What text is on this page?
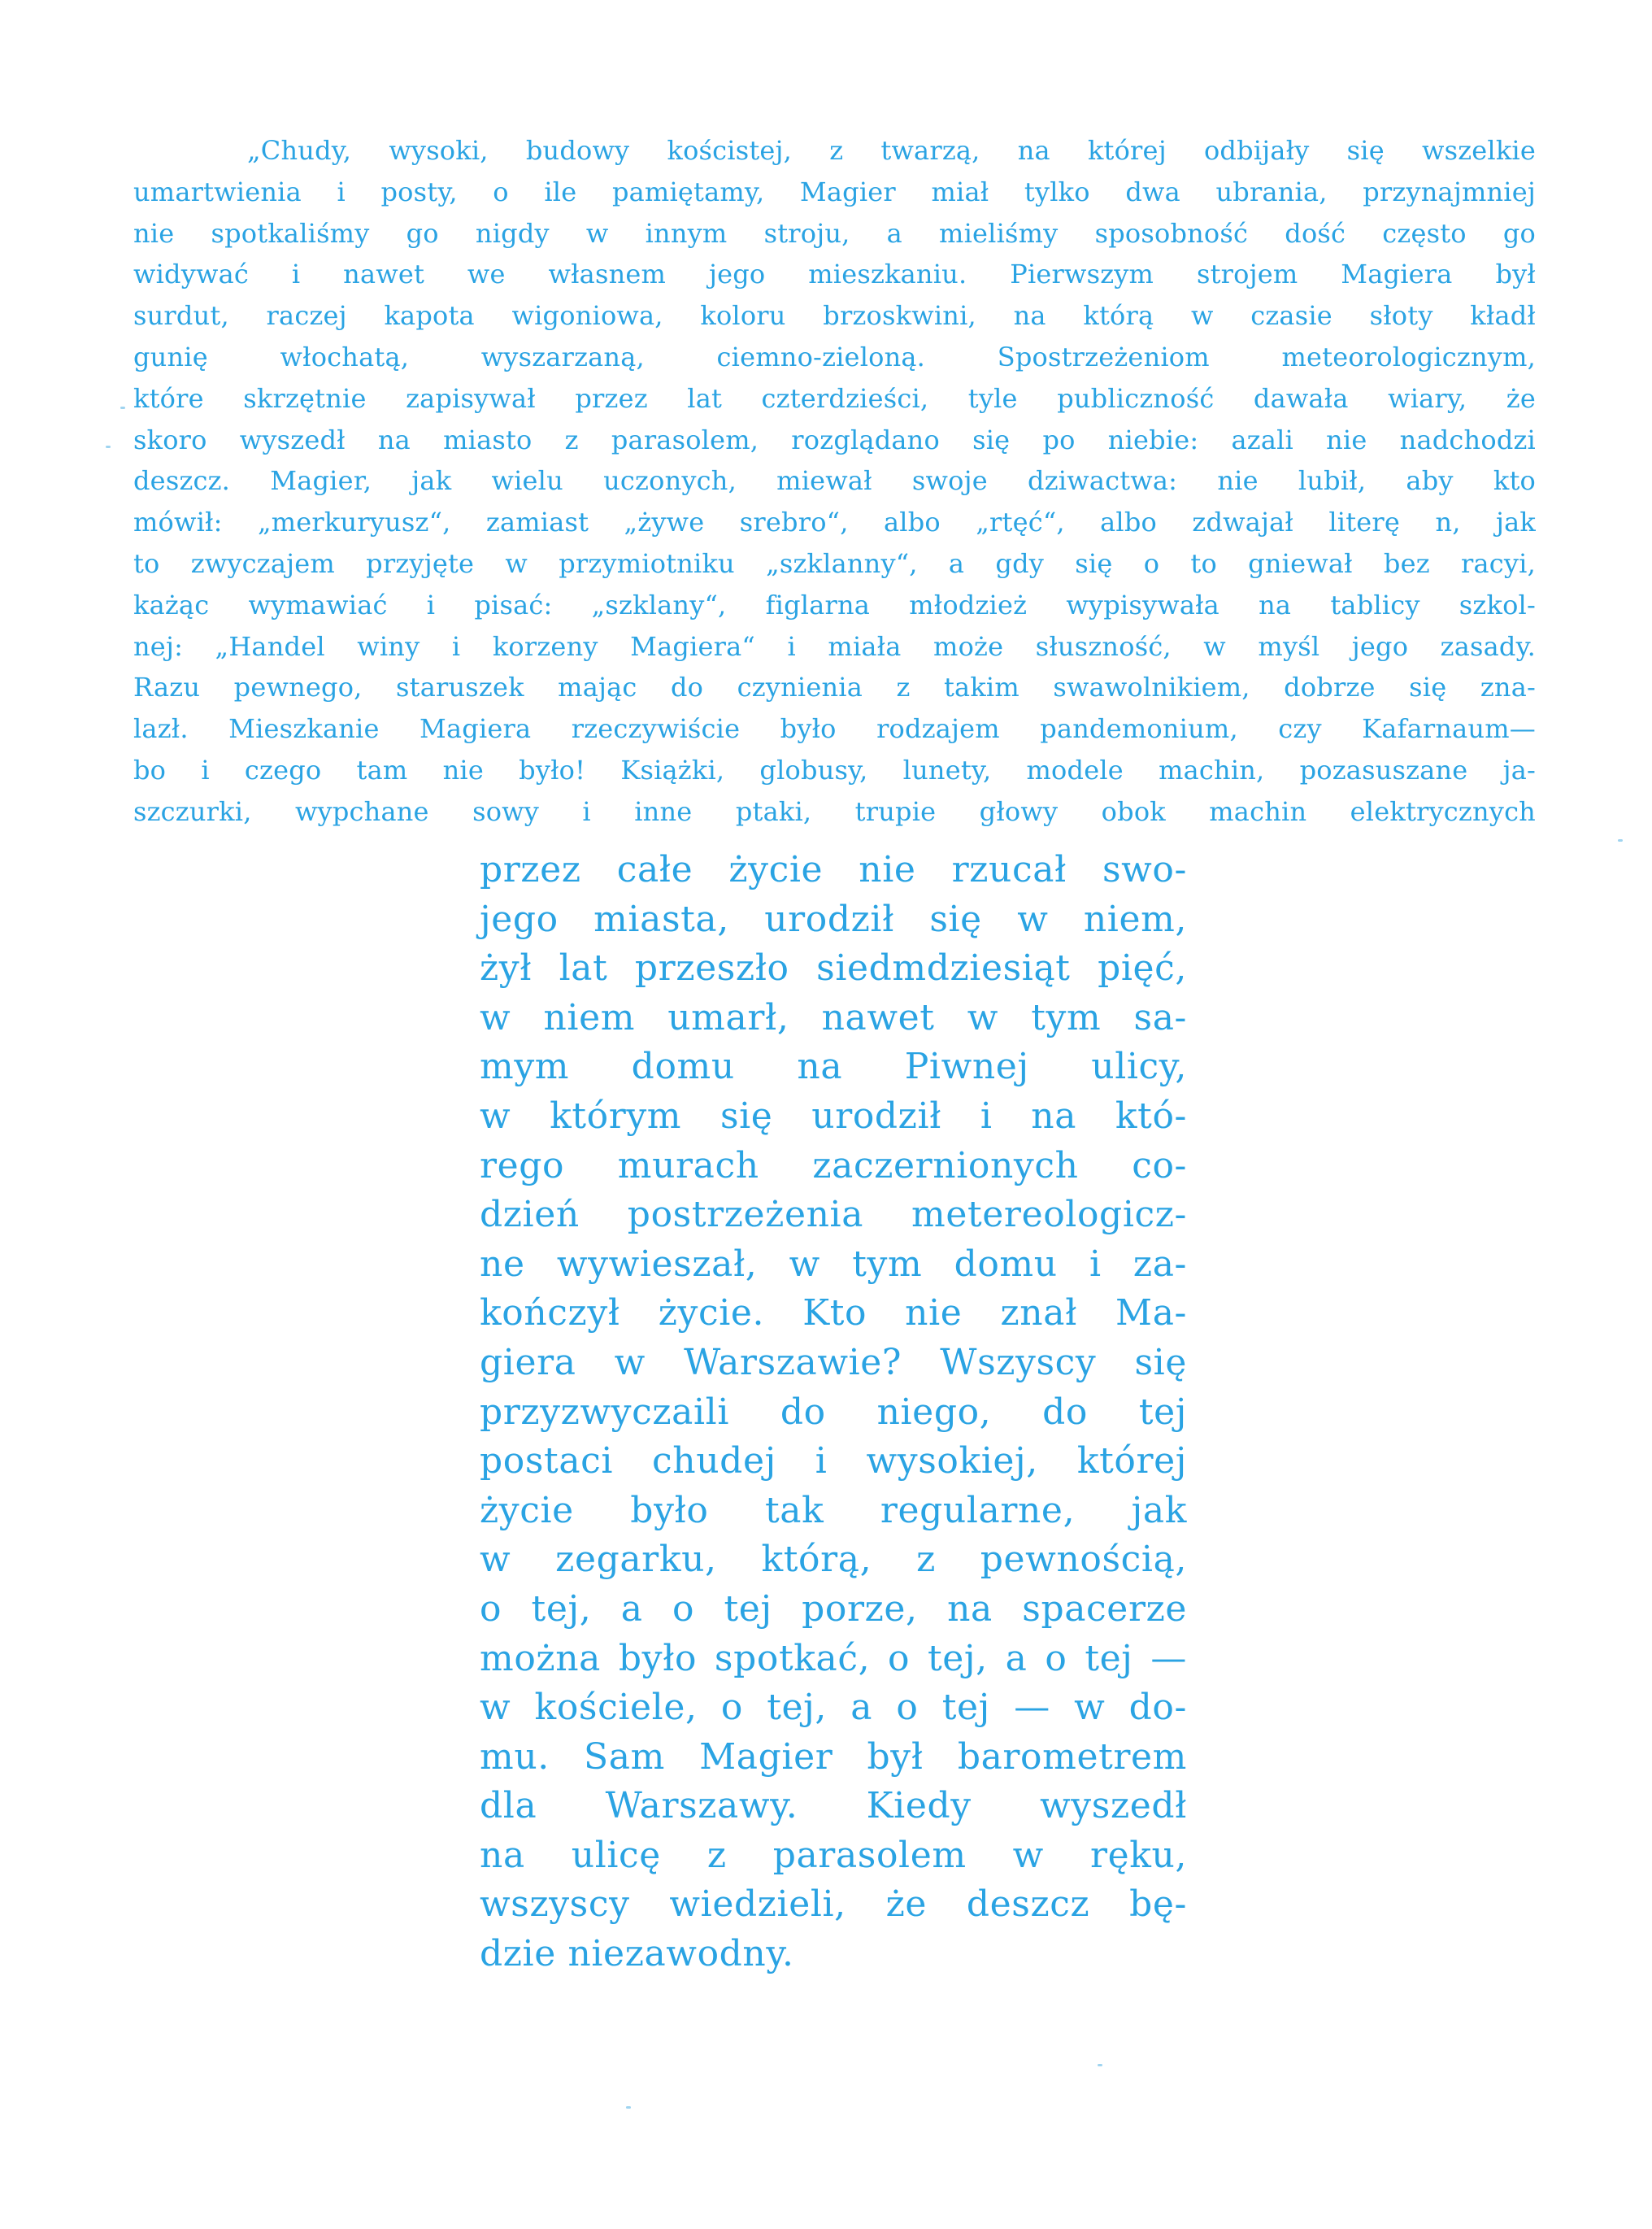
„Chudy, wysoki, budowy kościstej, z twarzą, na której odbijały się wszelkie
umartwienia i posty, o ile pamiętamy, Magier miał tylko dwa ubrania, przynajmniej
nie spotkaliśmy go nigdy w innym stroju, a mieliśmy sposobność dość często go
widywać i nawet we własnem jego mieszkaniu. Pierwszym strojem Magiera był
surdut, raczej kapota wigoniowa, koloru brzoskwini, na którą w czasie słoty kładł
gunię włochatą, wyszarzaną, ciemno-zieloną. Spostrzeżeniom meteorologicznym,
które skrzętnie zapisywał przez lat czterdzieści, tyle publiczność dawała wiary, że
skoro wyszedł na miasto z parasolem, rozglądano się po niebie: azali nie nadchodzi
deszcz. Magier, jak wielu uczonych, miewał swoje dziwactwa: nie lubił, aby kto
mówił: „merkuryusz“, zamiast „żywe srebro“, albo „rtęć“, albo zdwajał literę n, jak
to zwyczajem przyjęte w przymiotniku „szklanny“, a gdy się o to gniewał bez racyi,
każąc wymawiać i pisać: „szklany“, figlarna młodzież wypisywała na tablicy szkol-
nej: „Handel winy i korzeny Magiera“ i miała może słuszność, w myśl jego zasady.
Razu pewnego, staruszek mając do czynienia z takim swawolnikiem, dobrze się zna-
lazł. Mieszkanie Magiera rzeczywiście było rodzajem pandemonium, czy Kafarnaum—
bo i czego tam nie było! Książki, globusy, lunety, modele machin, pozasuszane ja-
szczurki, wypchane sowy i inne ptaki, trupie głowy obok machin elektrycznych
przez całe życie nie rzucał swo-
jego miasta, urodził się w niem,
żył lat przeszło siedmdziesiąt pięć,
w niem umarł, nawet w tym sa-
mym domu na Piwnej ulicy,
w którym się urodził i na któ-
rego murach zaczernionych co-
dzień postrzeżenia metereologicz-
ne wywieszał, w tym domu i za-
kończył życie. Kto nie znał Ma-
giera w Warszawie? Wszyscy się
przyzwyczaili do niego, do tej
postaci chudej i wysokiej, której
życie było tak regularne, jak
w zegarku, którą, z pewnością,
o tej, a o tej porze, na spacerze
można było spotkać, o tej, a o tej —
w kościele, o tej, a o tej — w do-
mu. Sam Magier był barometrem
dla Warszawy. Kiedy wyszedł
na ulicę z parasolem w ręku,
wszyscy wiedzieli, że deszcz bę-
dzie niezawodny.
